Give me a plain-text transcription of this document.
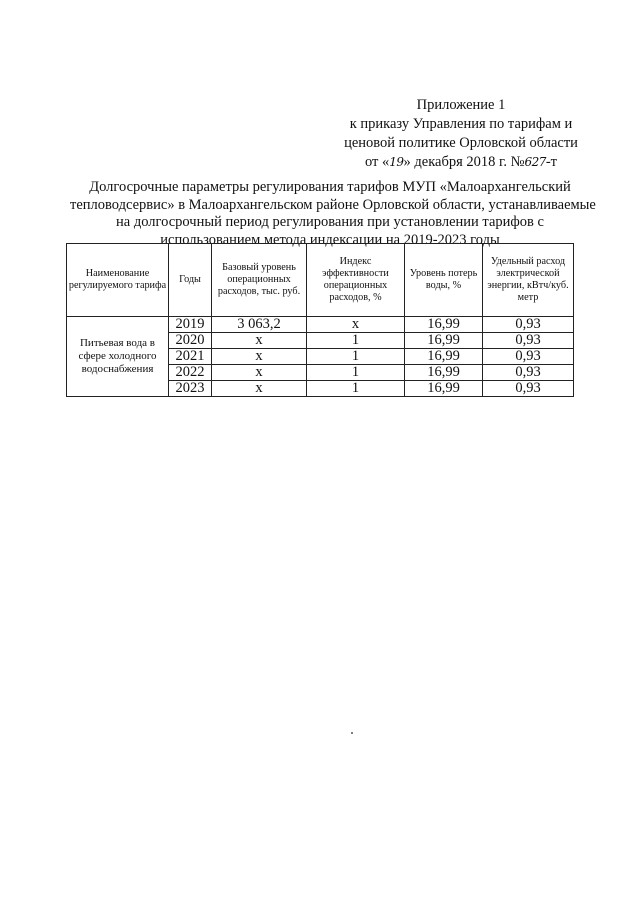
Приложение 1
к приказу Управления по тарифам и
ценовой политике Орловской области
от «19» декабря 2018 г. №627-т
Долгосрочные параметры регулирования тарифов МУП «Малоархангельский
тепловодсервис» в Малоархангельском районе Орловской области, устанавливаемые
на долгосрочный период регулирования при установлении тарифов с
использованием метода индексации на 2019-2023 годы
Наименование регулируемого тарифа	Годы	Базовый уровень операционных расходов, тыс. руб.	Индекс эффективности операционных расходов, %	Уровень потерь воды, %	Удельный расход электрической энергии, кВтч/куб. метр
Питьевая вода в сфере холодного водоснабжения	2019	3 063,2	x	16,99	0,93
	2020	x	1	16,99	0,93
	2021	x	1	16,99	0,93
	2022	x	1	16,99	0,93
	2023	x	1	16,99	0,93
